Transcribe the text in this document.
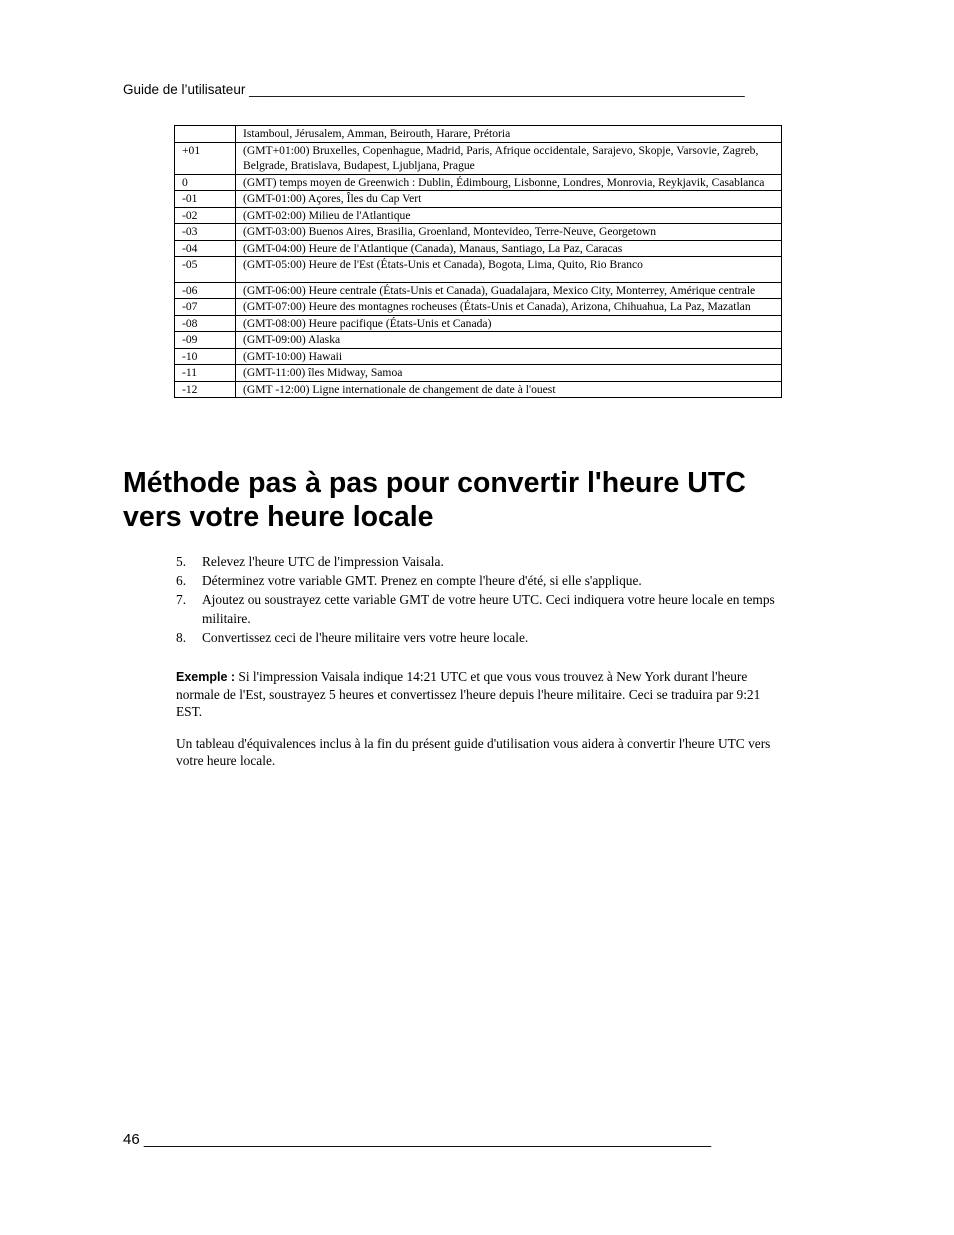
Guide de l’utilisateur __________________________________________________________________
	Istamboul, Jérusalem, Amman, Beirouth, Harare, Prétoria
+01	(GMT+01:00) Bruxelles, Copenhague, Madrid, Paris, Afrique occidentale, Sarajevo, Skopje, Varsovie, Zagreb, Belgrade, Bratislava, Budapest, Ljubljana, Prague
0	(GMT) temps moyen de Greenwich : Dublin, Édimbourg, Lisbonne, Londres, Monrovia, Reykjavik, Casablanca
-01	(GMT-01:00) Açores, Îles du Cap Vert
-02	(GMT-02:00) Milieu de l'Atlantique
-03	(GMT-03:00) Buenos Aires, Brasilia, Groenland, Montevideo, Terre-Neuve, Georgetown
-04	(GMT-04:00) Heure de l'Atlantique (Canada), Manaus, Santiago, La Paz, Caracas
-05	(GMT-05:00) Heure de l'Est (États-Unis et Canada), Bogota, Lima, Quito, Rio Branco
-06	(GMT-06:00) Heure centrale (États-Unis et Canada), Guadalajara, Mexico City, Monterrey, Amérique centrale
-07	(GMT-07:00) Heure des montagnes rocheuses (États-Unis et Canada), Arizona, Chihuahua, La Paz, Mazatlan
-08	(GMT-08:00) Heure pacifique (États-Unis et Canada)
-09	(GMT-09:00) Alaska
-10	(GMT-10:00) Hawaii
-11	(GMT-11:00) îles Midway, Samoa
-12	(GMT -12:00) Ligne internationale de changement de date à l'ouest
Méthode pas à pas pour convertir l'heure UTC vers votre heure locale
5. Relevez l'heure UTC de l'impression Vaisala.
6. Déterminez votre variable GMT. Prenez en compte l'heure d'été, si elle s'applique.
7. Ajoutez ou soustrayez cette variable GMT de votre heure UTC. Ceci indiquera votre heure locale en temps militaire.
8. Convertissez ceci de l'heure militaire vers votre heure locale.

Exemple : Si l'impression Vaisala indique 14:21 UTC et que vous vous trouvez à New York durant l'heure normale de l'Est, soustrayez 5 heures et convertissez l'heure depuis l'heure militaire. Ceci se traduira par 9:21 EST.

Un tableau d'équivalences inclus à la fin du présent guide d'utilisation vous aidera à convertir l'heure UTC vers votre heure locale.

46 ____________________________________________________________________
